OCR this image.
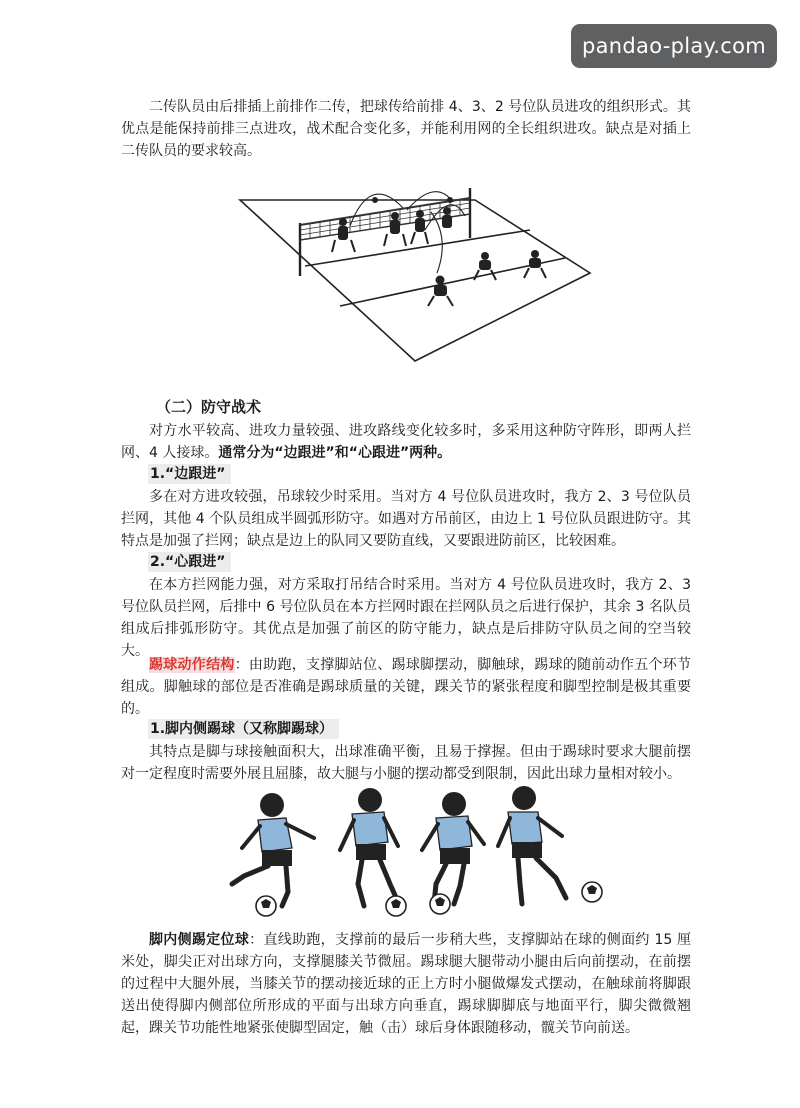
pandao-play.com

二传队员由后排插上前排作二传，把球传给前排 4、3、2 号位队员进攻的组织形式。其优点是能保持前排三点进攻，战术配合变化多，并能利用网的全长组织进攻。缺点是对插上二传队员的要求较高。

（二）防守战术

对方水平较高、进攻力量较强、进攻路线变化较多时，多采用这种防守阵形，即两人拦网、4 人接球。通常分为“边跟进”和“心跟进”两种。

1.“边跟进”

多在对方进攻较强，吊球较少时采用。当对方 4 号位队员进攻时，我方 2、3 号位队员拦网，其他 4 个队员组成半圆弧形防守。如遇对方吊前区，由边上 1 号位队员跟进防守。其特点是加强了拦网；缺点是边上的队同又要防直线，又要跟进防前区，比较困难。

2.“心跟进”

在本方拦网能力强，对方采取打吊结合时采用。当对方 4 号位队员进攻时，我方 2、3 号位队员拦网，后排中 6 号位队员在本方拦网时跟在拦网队员之后进行保护，其余 3 名队员组成后排弧形防守。其优点是加强了前区的防守能力，缺点是后排防守队员之间的空当较大。

踢球动作结构：由助跑，支撑脚站位、踢球脚摆动，脚触球，踢球的随前动作五个环节组成。脚触球的部位是否准确是踢球质量的关键，踝关节的紧张程度和脚型控制是极其重要的。

1.脚内侧踢球（又称脚踢球）

其特点是脚与球接触面积大，出球准确平衡，且易于撑握。但由于踢球时要求大腿前摆对一定程度时需要外展且屈膝，故大腿与小腿的摆动都受到限制，因此出球力量相对较小。

脚内侧踢定位球：直线助跑，支撑前的最后一步稍大些，支撑脚站在球的侧面约 15 厘米处，脚尖正对出球方向，支撑腿膝关节微屈。踢球腿大腿带动小腿由后向前摆动，在前摆的过程中大腿外展，当膝关节的摆动接近球的正上方时小腿做爆发式摆动，在触球前将脚跟送出使得脚内侧部位所形成的平面与出球方向垂直，踢球脚脚底与地面平行，脚尖微微翘起，踝关节功能性地紧张使脚型固定，触（击）球后身体跟随移动，髋关节向前送。
